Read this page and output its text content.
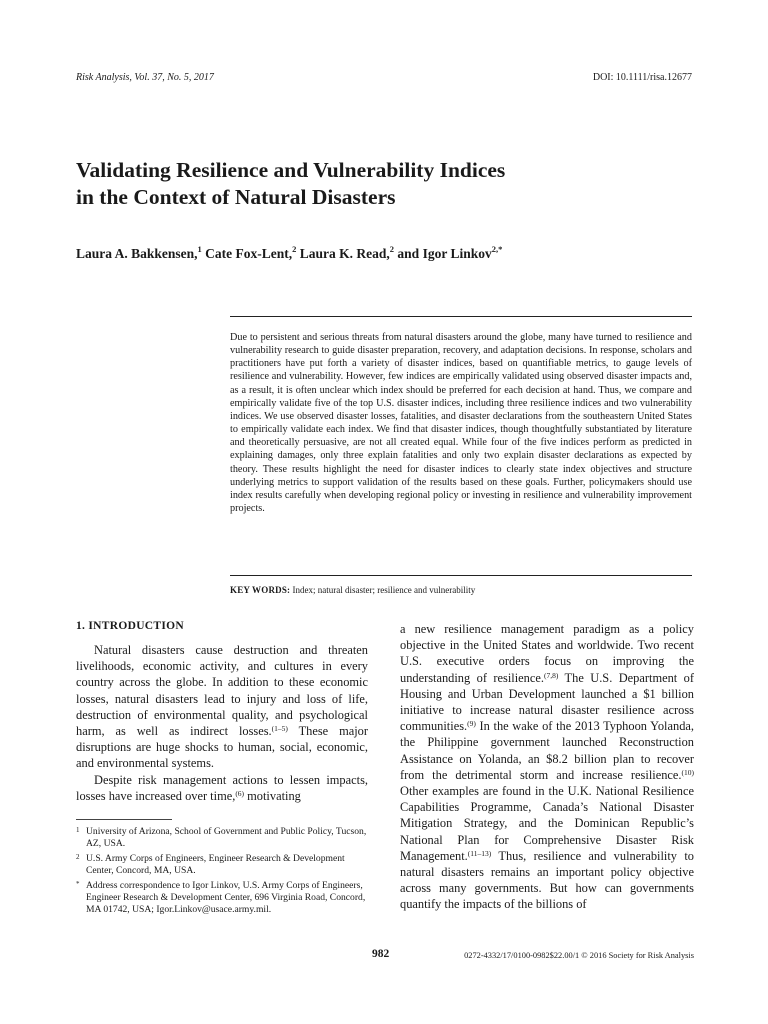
Risk Analysis, Vol. 37, No. 5, 2017	DOI: 10.1111/risa.12677
Validating Resilience and Vulnerability Indices
in the Context of Natural Disasters
Laura A. Bakkensen,$^1$ Cate Fox-Lent,$^2$ Laura K. Read,$^2$ and Igor Linkov$^{2,*}$

Due to persistent and serious threats from natural disasters around the globe, many have turned to resilience and vulnerability research to guide disaster preparation, recovery, and adaptation decisions. In response, scholars and practitioners have put forth a variety of disaster indices, based on quantifiable metrics, to gauge levels of resilience and vulnerability. However, few indices are empirically validated using observed disaster impacts and, as a result, it is often unclear which index should be preferred for each decision at hand. Thus, we compare and empirically validate five of the top U.S. disaster indices, including three resilience indices and two vulnerability indices. We use observed disaster losses, fatalities, and disaster declarations from the southeastern United States to empirically validate each index. We find that disaster indices, though thoughtfully substantiated by literature and theoretically persuasive, are not all created equal. While four of the five indices perform as predicted in explaining damages, only three explain fatalities and only two explain disaster declarations as expected by theory. These results highlight the need for disaster indices to clearly state index objectives and structure underlying metrics to support validation of the results based on these goals. Further, policymakers should use index results carefully when developing regional policy or investing in resilience and vulnerability improvement projects.

KEY WORDS: Index; natural disaster; resilience and vulnerability
1. INTRODUCTION

Natural disasters cause destruction and threaten livelihoods, economic activity, and cultures in every country across the globe. In addition to these economic losses, natural disasters lead to injury and loss of life, destruction of environmental quality, and psychological harm, as well as indirect losses.$^{(1-5)}$ These major disruptions are huge shocks to human, social, economic, and environmental systems.

Despite risk management actions to lessen impacts, losses have increased over time,$^{(6)}$ motivating

1 University of Arizona, School of Government and Public Policy, Tucson, AZ, USA.

2 U.S. Army Corps of Engineers, Engineer Research & Development Center, Concord, MA, USA.

* Address correspondence to Igor Linkov, U.S. Army Corps of Engineers, Engineer Research & Development Center, 696 Virginia Road, Concord, MA 01742, USA; Igor.Linkov@usace.army.mil.

a new resilience management paradigm as a policy objective in the United States and worldwide. Two recent U.S. executive orders focus on improving the understanding of resilience.$^{(7,8)}$ The U.S. Department of Housing and Urban Development launched a $1 billion initiative to increase natural disaster resilience across communities.$^{(9)}$ In the wake of the 2013 Typhoon Yolanda, the Philippine government launched Reconstruction Assistance on Yolanda, an $8.2 billion plan to recover from the detrimental storm and increase resilience.$^{(10)}$ Other examples are found in the U.K. National Resilience Capabilities Programme, Canada’s National Disaster Mitigation Strategy, and the Dominican Republic’s National Plan for Comprehensive Disaster Risk Management.$^{(11-13)}$ Thus, resilience and vulnerability to natural disasters remains an important policy objective across many governments. But how can governments quantify the impacts of the billions of

982	0272-4332/17/0100-0982$22.00/1 © 2016 Society for Risk Analysis
